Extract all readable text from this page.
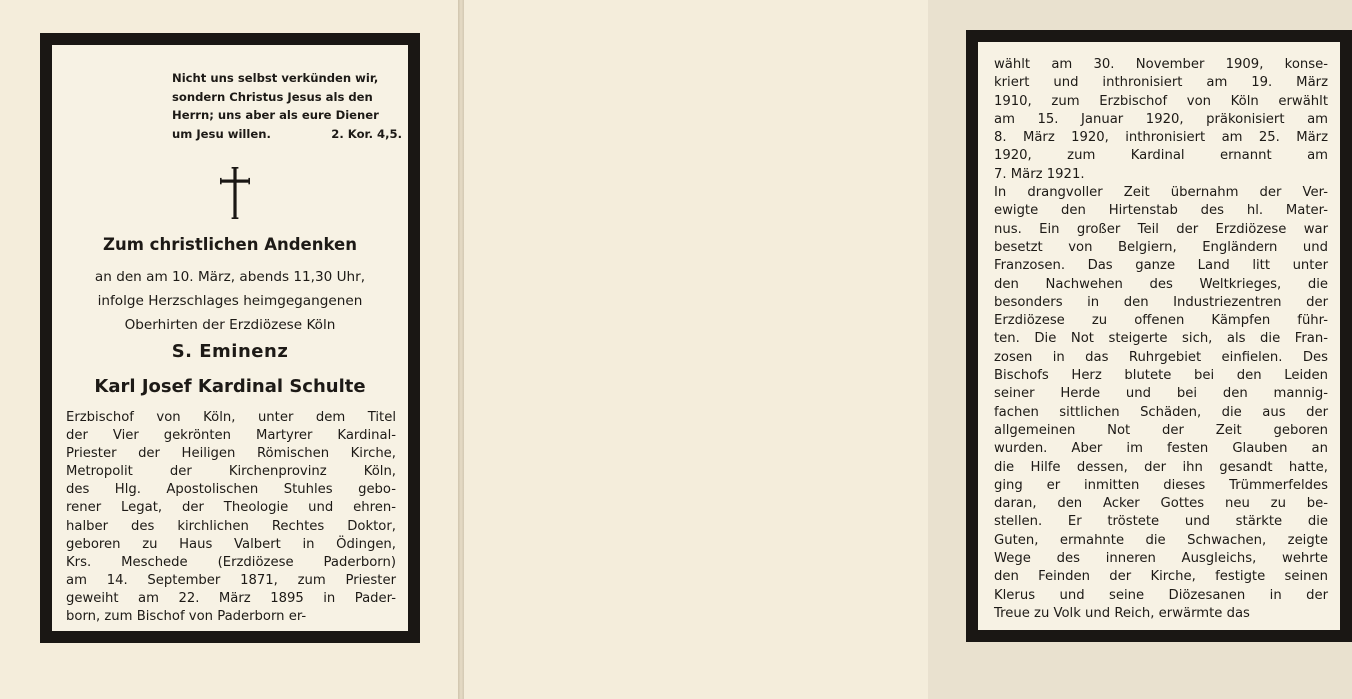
Nicht uns selbst verkünden wir,
sondern Christus Jesus als den
Herrn; uns aber als eure Diener
um Jesu willen.	2. Kor. 4,5.
Zum christlichen Andenken
an den am 10. März, abends 11,30 Uhr,
infolge Herzschlages heimgegangenen
Oberhirten der Erzdiözese Köln
S. Eminenz
Karl Josef Kardinal Schulte
Erzbischof von Köln, unter dem Titel
der Vier gekrönten Martyrer Kardinal-
Priester der Heiligen Römischen Kirche,
Metropolit der Kirchenprovinz Köln,
des Hlg. Apostolischen Stuhles gebo-
rener Legat, der Theologie und ehren-
halber des kirchlichen Rechtes Doktor,
geboren zu Haus Valbert in Ödingen,
Krs. Meschede (Erzdiözese Paderborn)
am 14. September 1871, zum Priester
geweiht am 22. März 1895 in Pader-
born, zum Bischof von Paderborn er-
wählt am 30. November 1909, konse-
kriert und inthronisiert am 19. März
1910, zum Erzbischof von Köln erwählt
am 15. Januar 1920, präkonisiert am
8. März 1920, inthronisiert am 25. März
1920, zum Kardinal ernannt am
7. März 1921.
In drangvoller Zeit übernahm der Ver-
ewigte den Hirtenstab des hl. Mater-
nus. Ein großer Teil der Erzdiözese war
besetzt von Belgiern, Engländern und
Franzosen. Das ganze Land litt unter
den Nachwehen des Weltkrieges, die
besonders in den Industriezentren der
Erzdiözese zu offenen Kämpfen führ-
ten. Die Not steigerte sich, als die Fran-
zosen in das Ruhrgebiet einfielen. Des
Bischofs Herz blutete bei den Leiden
seiner Herde und bei den mannig-
fachen sittlichen Schäden, die aus der
allgemeinen Not der Zeit geboren
wurden. Aber im festen Glauben an
die Hilfe dessen, der ihn gesandt hatte,
ging er inmitten dieses Trümmerfeldes
daran, den Acker Gottes neu zu be-
stellen. Er tröstete und stärkte die
Guten, ermahnte die Schwachen, zeigte
Wege des inneren Ausgleichs, wehrte
den Feinden der Kirche, festigte seinen
Klerus und seine Diözesanen in der
Treue zu Volk und Reich, erwärmte das
